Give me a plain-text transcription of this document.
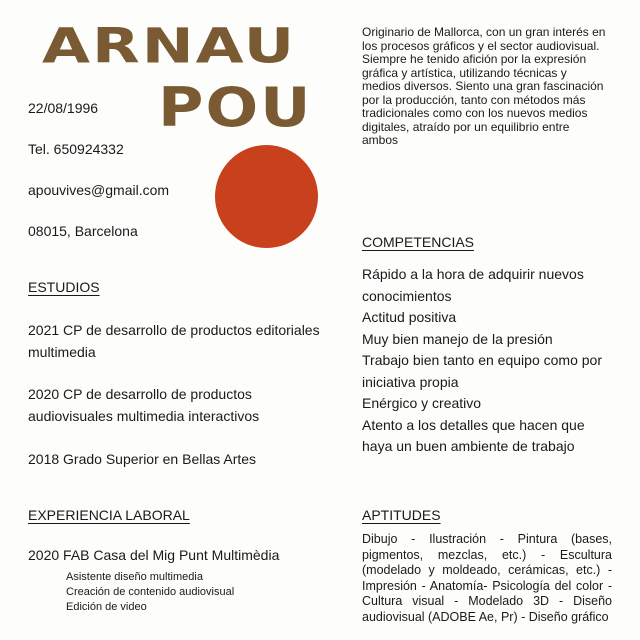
ARNAU
POU
22/08/1996
Tel. 650924332
apouvives@gmail.com
08015, Barcelona
ESTUDIOS
2021 CP de desarrollo de productos editoriales multimedia
2020 CP de desarrollo de productos audiovisuales multimedia interactivos
2018 Grado Superior en Bellas Artes
EXPERIENCIA LABORAL
2020 FAB Casa del Mig Punt Multimèdia
Asistente diseño multimedia
Creación de contenido audiovisual
Edición de video
Originario de Mallorca, con un gran interés en los procesos gráficos y el sector audiovisual. Siempre he tenido afición por la expresión gráfica y artística, utilizando técnicas y medios diversos. Siento una gran fascinación por la producción, tanto con métodos más tradicionales como con los nuevos medios digitales, atraído por un equilibrio entre ambos
COMPETENCIAS
Rápido a la hora de adquirir nuevos conocimientos
Actitud positiva
Muy bien manejo de la presión
Trabajo bien tanto en equipo como por iniciativa propia
Enérgico y creativo
Atento a los detalles que hacen que haya un buen ambiente de trabajo
APTITUDES
Dibujo - Ilustración - Pintura (bases, pigmentos, mezclas, etc.) - Escultura (modelado y moldeado, cerámicas, etc.) - Impresión - Anatomía- Psicología del color - Cultura visual - Modelado 3D - Diseño audiovisual (ADOBE Ae, Pr) - Diseño gráfico
